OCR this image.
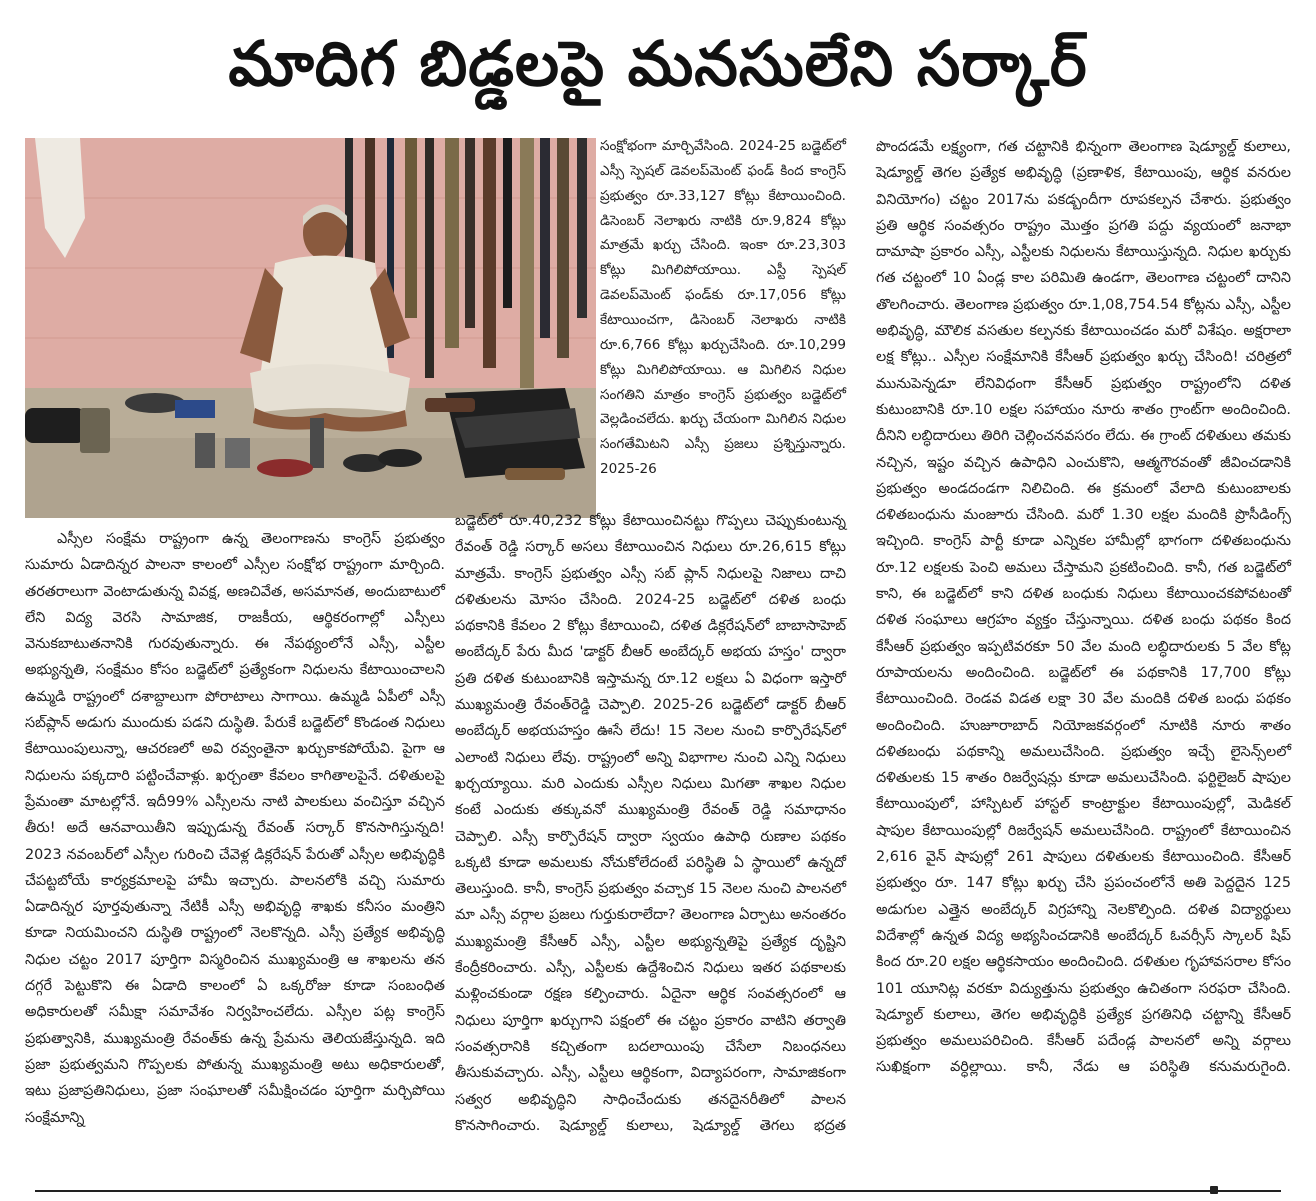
మాదిగ బిడ్డలపై మనసులేని సర్కార్

ఎస్సీల సంక్షేమ రాష్ట్రంగా ఉన్న తెలంగాణను కాంగ్రెస్ ప్రభుత్వం సుమారు ఏడాదిన్నర పాలనా కాలంలో ఎస్సీల సంక్షోభ రాష్ట్రంగా మార్చింది. తరతరాలుగా వెంటాడుతున్న వివక్ష, అణచివేత, అసమానత, అందుబాటులో లేని విద్య వెరసి సామాజిక, రాజకీయ, ఆర్థికరంగాల్లో ఎస్సీలు వెనుకబాటుతనానికి గురవుతున్నారు. ఈ నేపథ్యంలోనే ఎస్సీ, ఎస్టీల అభ్యున్నతి, సంక్షేమం కోసం బడ్జెట్‌లో ప్రత్యేకంగా నిధులను కేటాయించాలని ఉమ్మడి రాష్ట్రంలో దశాబ్దాలుగా పోరాటాలు సాగాయి. ఉమ్మడి ఏపీలో ఎస్సీ సబ్‌ప్లాన్ అడుగు ముందుకు పడని దుస్థితి. పేరుకే బడ్జెట్‌లో కొండంత నిధులు కేటాయింపులున్నా, ఆచరణలో అవి రవ్వంతైనా ఖర్చుకాకపోయేవి. పైగా ఆ నిధులను పక్కదారి పట్టించేవాళ్లు. ఖర్చంతా కేవలం కాగితాలపైనే. దళితులపై ప్రేమంతా మాటల్లోనే. ఇదీ99% ఎస్సీలను నాటి పాలకులు వంచిస్తూ వచ్చిన తీరు! అదే ఆనవాయితీని ఇప్పుడున్న రేవంత్ సర్కార్ కొనసాగిస్తున్నది! 2023 నవంబర్‌లో ఎస్సీల గురించి చేవెళ్ల డిక్లరేషన్ పేరుతో ఎస్సీల అభివృద్ధికి చేపట్టబోయే కార్యక్రమాలపై హామీ ఇచ్చారు. పాలనలోకి వచ్చి సుమారు ఏడాదిన్నర పూర్తవుతున్నా నేటికీ ఎస్సీ అభివృద్ధి శాఖకు కనీసం మంత్రిని కూడా నియమించని దుస్థితి రాష్ట్రంలో నెలకొన్నది. ఎస్సీ ప్రత్యేక అభివృద్ధి నిధుల చట్టం 2017 పూర్తిగా విస్మరించిన ముఖ్యమంత్రి ఆ శాఖలను తన దగ్గరే పెట్టుకొని ఈ ఏడాది కాలంలో ఏ ఒక్కరోజు కూడా సంబంధిత అధికారులతో సమీక్షా సమావేశం నిర్వహించలేదు. ఎస్సీల పట్ల కాంగ్రెస్ ప్రభుత్వానికి, ముఖ్యమంత్రి రేవంత్‌కు ఉన్న ప్రేమను తెలియజేస్తున్నది. ఇది ప్రజా ప్రభుత్వమని గొప్పలకు పోతున్న ముఖ్యమంత్రి అటు అధికారులతో, ఇటు ప్రజాప్రతినిధులు, ప్రజా సంఘాలతో సమీక్షించడం పూర్తిగా మర్చిపోయి సంక్షేమాన్ని

సంక్షోభంగా మార్చివేసింది. 2024-25 బడ్జెట్‌లో ఎస్సీ స్పెషల్ డెవలప్‌మెంట్ ఫండ్ కింద కాంగ్రెస్ ప్రభుత్వం రూ.33,127 కోట్లు కేటాయించింది. డిసెంబర్ నెలాఖరు నాటికి రూ.9,824 కోట్లు మాత్రమే ఖర్చు చేసింది. ఇంకా రూ.23,303 కోట్లు మిగిలిపోయాయి. ఎస్టీ స్పెషల్ డెవలప్‌మెంట్ ఫండ్‌కు రూ.17,056 కోట్లు కేటాయించగా, డిసెంబర్ నెలాఖరు నాటికి రూ.6,766 కోట్లు ఖర్చుచేసింది. రూ.10,299 కోట్లు మిగిలిపోయాయి. ఆ మిగిలిన నిధుల సంగతిని మాత్రం కాంగ్రెస్ ప్రభుత్వం బడ్జెట్‌లో వెల్లడించలేదు. ఖర్చు చేయంగా మిగిలిన నిధుల సంగతేమిటని ఎస్సీ ప్రజలు ప్రశ్నిస్తున్నారు. 2025-26

బడ్జెట్‌లో రూ.40,232 కోట్లు కేటాయించినట్టు గొప్పలు చెప్పుకుంటున్న రేవంత్ రెడ్డి సర్కార్ అసలు కేటాయించిన నిధులు రూ.26,615 కోట్లు మాత్రమే. కాంగ్రెస్ ప్రభుత్వం ఎస్సీ సబ్ ప్లాన్ నిధులపై నిజాలు దాచి దళితులను మోసం చేసింది. 2024-25 బడ్జెట్‌లో దళిత బంధు పథకానికి కేవలం 2 కోట్లు కేటాయించి, దళిత డిక్లరేషన్‌లో బాబాసాహెబ్ అంబేద్కర్ పేరు మీద 'డాక్టర్ బీఆర్ అంబేద్కర్ అభయ హస్తం' ద్వారా ప్రతి దళిత కుటుంబానికి ఇస్తామన్న రూ.12 లక్షలు ఏ విధంగా ఇస్తారో ముఖ్యమంత్రి రేవంత్‌రెడ్డి చెప్పాలి. 2025-26 బడ్జెట్‌లో డాక్టర్ బీఆర్ అంబేద్కర్ అభయహస్తం ఊసే లేదు! 15 నెలల నుంచి కార్పొరేషన్‌లో ఎలాంటి నిధులు లేవు. రాష్ట్రంలో అన్ని విభాగాల నుంచి ఎన్ని నిధులు ఖర్చయ్యాయి. మరి ఎందుకు ఎస్సీల నిధులు మిగతా శాఖల నిధుల కంటే ఎందుకు తక్కువనో ముఖ్యమంత్రి రేవంత్ రెడ్డి సమాధానం చెప్పాలి. ఎస్సీ కార్పొరేషన్ ద్వారా స్వయం ఉపాధి రుణాల పథకం ఒక్కటి కూడా అమలుకు నోచుకోలేదంటే పరిస్థితి ఏ స్థాయిలో ఉన్నదో తెలుస్తుంది. కానీ, కాంగ్రెస్ ప్రభుత్వం వచ్చాక 15 నెలల నుంచి పాలనలో మా ఎస్సీ వర్గాల ప్రజలు గుర్తుకురాలేదా? తెలంగాణ ఏర్పాటు అనంతరం ముఖ్యమంత్రి కేసీఆర్ ఎస్సీ, ఎస్టీల అభ్యున్నతిపై ప్రత్యేక దృష్టిని కేంద్రీకరించారు. ఎస్సీ, ఎస్టీలకు ఉద్దేశించిన నిధులు ఇతర పథకాలకు మళ్లించకుండా రక్షణ కల్పించారు. ఏదైనా ఆర్థిక సంవత్సరంలో ఆ నిధులు పూర్తిగా ఖర్చుగాని పక్షంలో ఈ చట్టం ప్రకారం వాటిని తర్వాతి సంవత్సరానికి కచ్చితంగా బదలాయింపు చేసేలా నిబంధనలు తీసుకువచ్చారు. ఎస్సీ, ఎస్టీలు ఆర్థికంగా, విద్యాపరంగా, సామాజికంగా సత్వర అభివృద్ధిని సాధించేందుకు తనదైనరీతిలో పాలన కొనసాగించారు. షెడ్యూల్డ్ కులాలు, షెడ్యూల్డ్ తెగలు భద్రత

పొందడమే లక్ష్యంగా, గత చట్టానికి భిన్నంగా తెలంగాణ షెడ్యూల్డ్ కులాలు, షెడ్యూల్డ్ తెగల ప్రత్యేక అభివృద్ధి (ప్రణాళిక, కేటాయింపు, ఆర్థిక వనరుల వినియోగం) చట్టం 2017ను పకడ్బందీగా రూపకల్పన చేశారు. ప్రభుత్వం ప్రతి ఆర్థిక సంవత్సరం రాష్ట్రం మొత్తం ప్రగతి పద్దు వ్యయంలో జనాభా దామాషా ప్రకారం ఎస్సీ, ఎస్టీలకు నిధులను కేటాయిస్తున్నది. నిధుల ఖర్చుకు గత చట్టంలో 10 ఏండ్ల కాల పరిమితి ఉండగా, తెలంగాణ చట్టంలో దానిని తొలగించారు. తెలంగాణ ప్రభుత్వం రూ.1,08,754.54 కోట్లను ఎస్సీ, ఎస్టీల అభివృద్ధి, మౌలిక వసతుల కల్పనకు కేటాయించడం మరో విశేషం. అక్షరాలా లక్ష కోట్లు.. ఎస్సీల సంక్షేమానికి కేసీఆర్ ప్రభుత్వం ఖర్చు చేసింది! చరిత్రలో మునుపెన్నడూ లేనివిధంగా కేసీఆర్ ప్రభుత్వం రాష్ట్రంలోని దళిత కుటుంబానికి రూ.10 లక్షల సహాయం నూరు శాతం గ్రాంట్‌గా అందించింది. దీనిని లబ్ధిదారులు తిరిగి చెల్లించనవసరం లేదు. ఈ గ్రాంట్ దళితులు తమకు నచ్చిన, ఇష్టం వచ్చిన ఉపాధిని ఎంచుకొని, ఆత్మగౌరవంతో జీవించడానికి ప్రభుత్వం అండదండగా నిలిచింది. ఈ క్రమంలో వేలాది కుటుంబాలకు దళితబంధును మంజూరు చేసింది. మరో 1.30 లక్షల మందికి ప్రొసీడింగ్స్ ఇచ్చింది. కాంగ్రెస్ పార్టీ కూడా ఎన్నికల హామీల్లో భాగంగా దళితబంధును రూ.12 లక్షలకు పెంచి అమలు చేస్తామని ప్రకటించింది. కానీ, గత బడ్జెట్‌లో కాని, ఈ బడ్జెట్‌లో కాని దళిత బంధుకు నిధులు కేటాయించకపోవటంతో దళిత సంఘాలు ఆగ్రహం వ్యక్తం చేస్తున్నాయి. దళిత బంధు పథకం కింద కేసీఆర్ ప్రభుత్వం ఇప్పటివరకూ 50 వేల మంది లబ్ధిదారులకు 5 వేల కోట్ల రూపాయలను అందించింది. బడ్జెట్‌లో ఈ పథకానికి 17,700 కోట్లు కేటాయించింది. రెండవ విడత లక్షా 30 వేల మందికి దళిత బంధు పథకం అందించింది. హుజూరాబాద్ నియోజకవర్గంలో నూటికి నూరు శాతం దళితబంధు పథకాన్ని అమలుచేసింది. ప్రభుత్వం ఇచ్చే లైసెన్స్‌లలో దళితులకు 15 శాతం రిజర్వేషన్లు కూడా అమలుచేసింది. ఫర్టిలైజర్ షాపుల కేటాయింపులో, హాస్పిటల్ హాస్టల్ కాంట్రాక్టుల కేటాయింపుల్లో, మెడికల్ షాపుల కేటాయింపుల్లో రిజర్వేషన్ అమలుచేసింది. రాష్ట్రంలో కేటాయించిన 2,616 వైన్ షాపుల్లో 261 షాపులు దళితులకు కేటాయించింది. కేసీఆర్ ప్రభుత్వం రూ. 147 కోట్లు ఖర్చు చేసి ప్రపంచంలోనే అతి పెద్దదైన 125 అడుగుల ఎత్తైన అంబేద్కర్ విగ్రహాన్ని నెలకొల్పింది. దళిత విద్యార్థులు విదేశాల్లో ఉన్నత విద్య అభ్యసించడానికి అంబేద్కర్ ఓవర్సీస్ స్కాలర్ షిప్ కింద రూ.20 లక్షల ఆర్థికసాయం అందించింది. దళితుల గృహావసరాల కోసం 101 యూనిట్ల వరకూ విద్యుత్తును ప్రభుత్వం ఉచితంగా సరఫరా చేసింది. షెడ్యూల్ కులాలు, తెగల అభివృద్ధికి ప్రత్యేక ప్రగతినిధి చట్టాన్ని కేసీఆర్ ప్రభుత్వం అమలుపరిచింది. కేసీఆర్ పదేండ్ల పాలనలో అన్ని వర్గాలు సుఖిక్షంగా వర్ధిల్లాయి. కానీ, నేడు ఆ పరిస్థితి కనుమరుగైంది.
